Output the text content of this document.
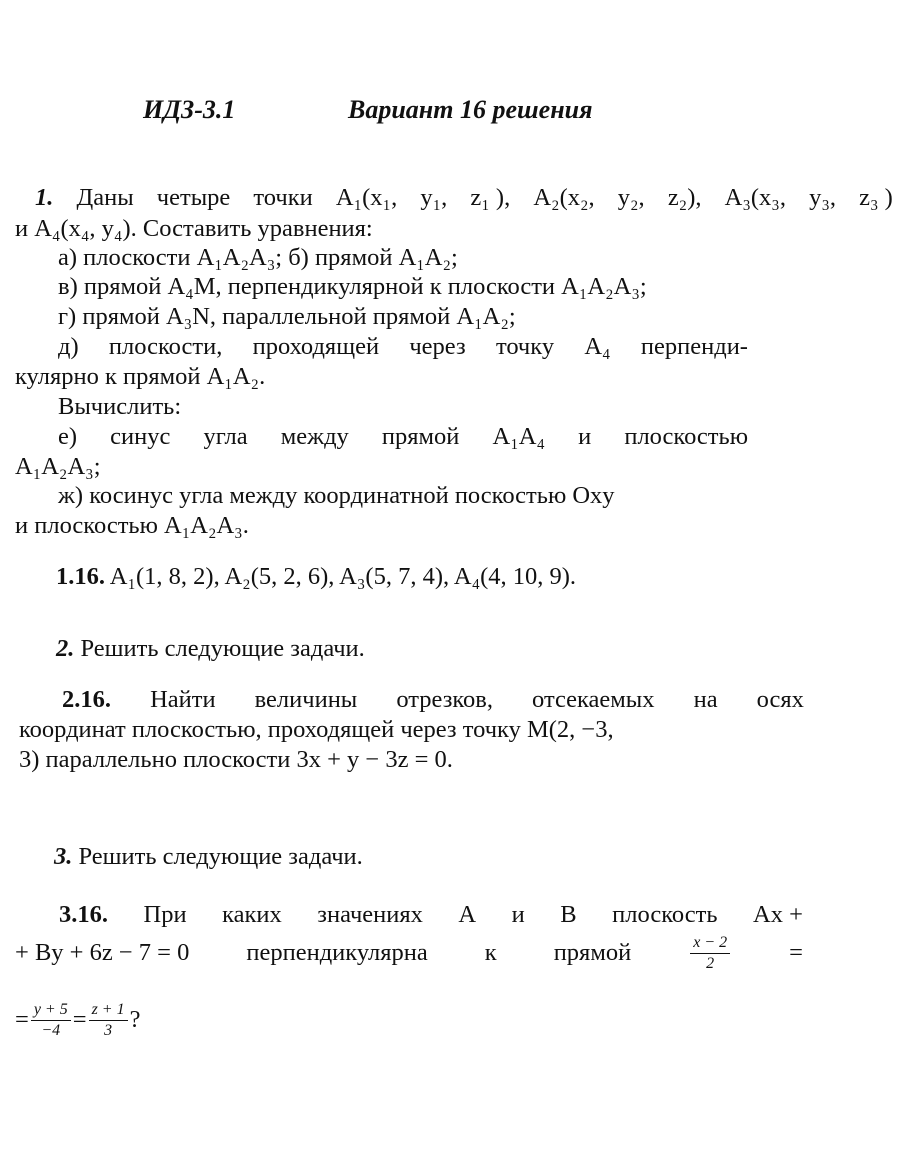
ИДЗ-3.1	Вариант 16 решения
1. Даны четыре точки A₁(x₁, y₁, z₁ ), A₂(x₂, y₂, z₂), A₃(x₃, y₃, z₃ )
и A₄(x₄, y₄). Составить уравнения:
а) плоскости A₁A₂A₃; б) прямой A₁A₂;
в) прямой A₄M, перпендикулярной к плоскости A₁A₂A₃;
г) прямой A₃N, параллельной прямой A₁A₂;
д) плоскости, проходящей через точку A₄ перпенди-
кулярно к прямой A₁A₂.
Вычислить:
е) синус угла между прямой A₁A₄ и плоскостью
A₁A₂A₃;
ж) косинус угла между координатной поскостью Oxy
и плоскостью A₁A₂A₃.
1.16. A₁(1, 8, 2), A₂(5, 2, 6), A₃(5, 7, 4), A₄(4, 10, 9).
2. Решить следующие задачи.
2.16. Найти величины отрезков, отсекаемых на осях
координат плоскостью, проходящей через точку M(2, −3,
3) параллельно плоскости 3x + y − 3z = 0.
3. Решить следующие задачи.
3.16. При каких значениях A и B плоскость Ax +
+ By + 6z − 7 = 0 перпендикулярна к прямой	$\frac{x - 2}{2}$ =
= $\frac{y + 5}{-4} = \frac{z + 1}{3}$ ?
